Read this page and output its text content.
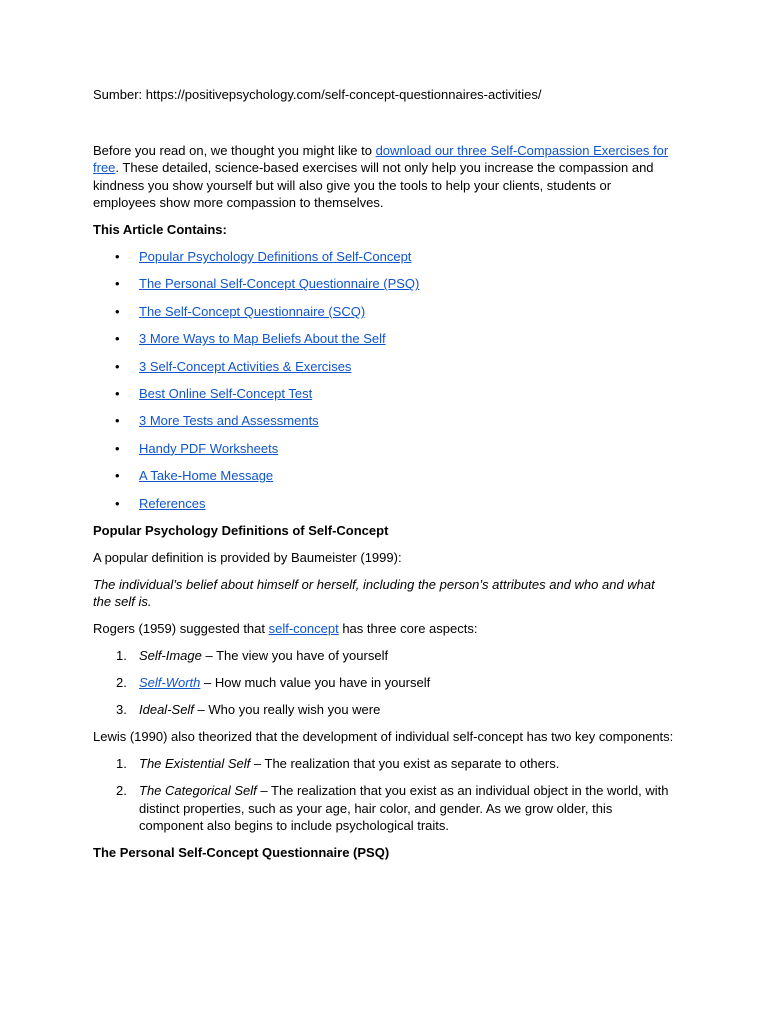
Sumber: https://positivepsychology.com/self-concept-questionnaires-activities/

Before you read on, we thought you might like to download our three Self-Compassion Exercises for free. These detailed, science-based exercises will not only help you increase the compassion and kindness you show yourself but will also give you the tools to help your clients, students or employees show more compassion to themselves.

This Article Contains:

• Popular Psychology Definitions of Self-Concept
• The Personal Self-Concept Questionnaire (PSQ)
• The Self-Concept Questionnaire (SCQ)
• 3 More Ways to Map Beliefs About the Self
• 3 Self-Concept Activities & Exercises
• Best Online Self-Concept Test
• 3 More Tests and Assessments
• Handy PDF Worksheets
• A Take-Home Message
• References

Popular Psychology Definitions of Self-Concept

A popular definition is provided by Baumeister (1999):

The individual’s belief about himself or herself, including the person’s attributes and who and what the self is.

Rogers (1959) suggested that self-concept has three core aspects:

1. Self-Image – The view you have of yourself
2. Self-Worth – How much value you have in yourself
3. Ideal-Self – Who you really wish you were

Lewis (1990) also theorized that the development of individual self-concept has two key components:

1. The Existential Self – The realization that you exist as separate to others.
2. The Categorical Self – The realization that you exist as an individual object in the world, with distinct properties, such as your age, hair color, and gender. As we grow older, this component also begins to include psychological traits.

The Personal Self-Concept Questionnaire (PSQ)
